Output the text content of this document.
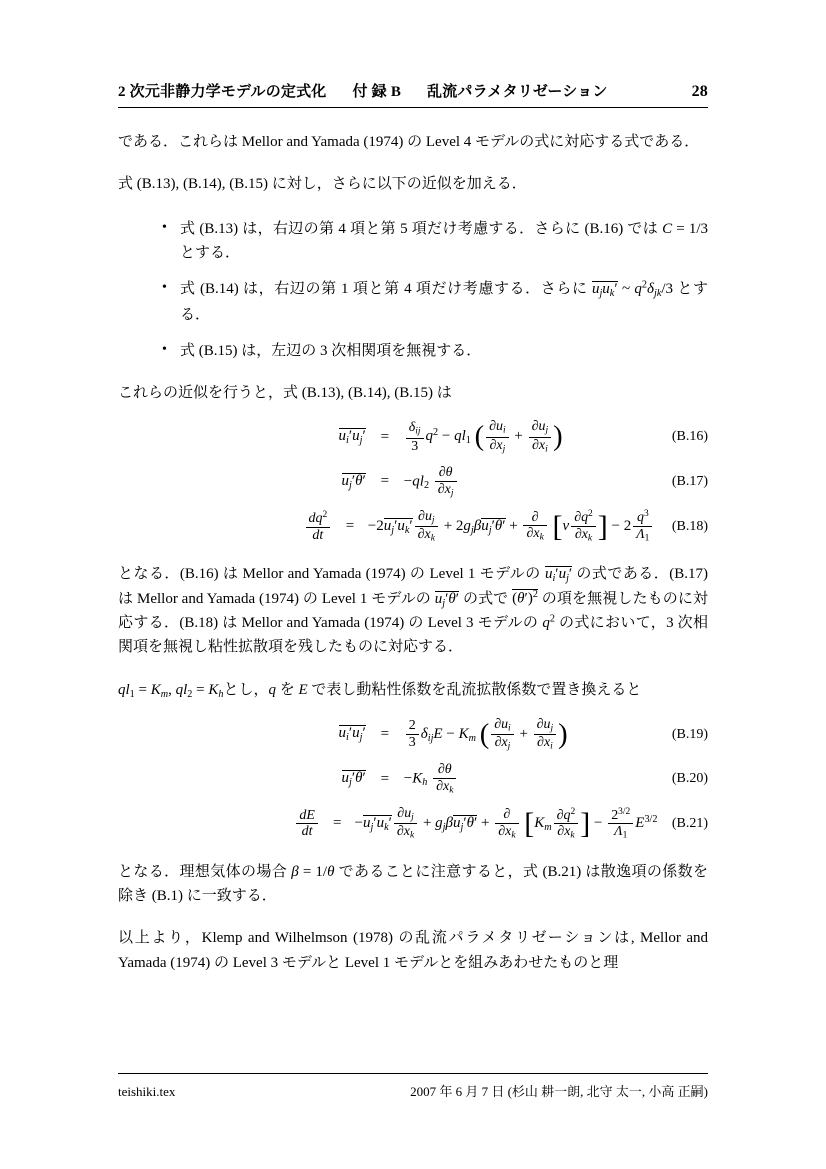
2 次元非静力学モデルの定式化 付 録 B 乱流パラメタリゼーション	28

である．これらは Mellor and Yamada (1974) の Level 4 モデルの式に対応する式である．

式 (B.13), (B.14), (B.15) に対し，さらに以下の近似を加える．

• 式 (B.13) は，右辺の第 4 項と第 5 項だけ考慮する．さらに (B.16) では C = 1/3 とする．
• 式 (B.14) は，右辺の第 1 項と第 4 項だけ考慮する．さらに $u_ju_k'$ ~ $q^2\delta_{jk}/3$ とする．
• 式 (B.15) は，左辺の 3 次相関項を無視する．

これらの近似を行うと，式 (B.13), (B.14), (B.15) は

$u_i'u_j'$ =	$\frac{\delta_{ij}}{3} q^2 - ql_1$ ( $\frac{\partial u_i}{\partial x_j} + \frac{\partial u_j}{\partial x_i}$ )	(B.16)
$u_j'\theta' = -ql_2 \frac{\partial\theta}{\partial x_j}$	(B.17)
$\frac{dq^2}{dt} = -2u_j'u_k' \frac{\partial u_j}{\partial x_k} + 2g_j\beta u_j'\theta' + \frac{\partial}{\partial x_k} [\nu \frac{\partial q^2}{\partial x_k}$ ] − $2 \frac{q^3}{\Lambda_1}$	(B.18)

となる．(B.16) は Mellor and Yamada (1974) の Level 1 モデルの $u_i'u_j'$ の式である．(B.17) は Mellor and Yamada (1974) の Level 1 モデルの $u_j'\theta'$ の式で $(\theta')^2$ の項を無視したものに対応する．(B.18) は Mellor and Yamada (1974) の Level 3 モデルの $q^2$ の式において，3 次相関項を無視し粘性拡散項を残したものに対応する．

$ql_1 = K_m$, $ql_2 = K_h$とし，q を E で表し動粘性係数を乱流拡散係数で置き換えると

$u_i'u_j'$ =	$\frac{2}{3} \delta_{ij}E - K_m$ ( $\frac{\partial u_i}{\partial x_j} + \frac{\partial u_j}{\partial x_i}$ )	(B.19)
$u_j'\theta' = -K_h \frac{\partial\theta}{\partial x_k}$	(B.20)
$\frac{dE}{dt} = -u_j'u_k' \frac{\partial u_j}{\partial x_k} + g_j\beta u_j'\theta' + \frac{\partial}{\partial x_k} [K_m \frac{\partial q^2}{\partial x_k}$ ] − $\frac{2^{3/2}}{\Lambda_1} E^{3/2}$	(B.21)

となる．理想気体の場合 β = 1/θ であることに注意すると，式 (B.21) は散逸項の係数を除き (B.1) に一致する．

以上より，Klemp and Wilhelmson (1978) の乱流パラメタリゼーションは, Mellor and Yamada (1974) の Level 3 モデルと Level 1 モデルとを組みあわせたものと理

teishiki.tex	2007 年 6 月 7 日 (杉山 耕一朗, 北守 太一, 小高 正嗣)
